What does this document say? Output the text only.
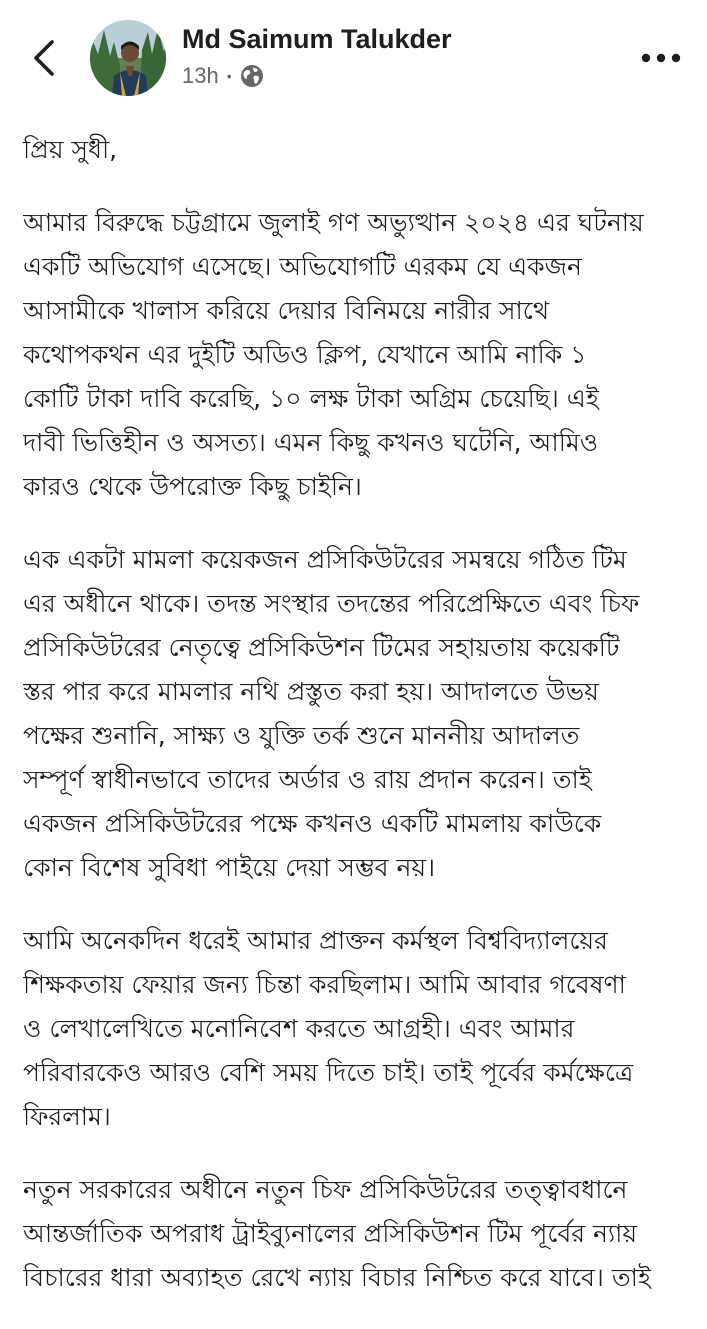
Md Saimum Talukder
13h •
প্রিয় সুধী,
আমার বিরুদ্ধে চট্টগ্রামে জুলাই গণ অভ্যুত্থান ২০২৪ এর ঘটনায়
একটি অভিযোগ এসেছে। অভিযোগটি এরকম যে একজন
আসামীকে খালাস করিয়ে দেয়ার বিনিময়ে নারীর সাথে
কথোপকথন এর দুইটি অডিও ক্লিপ, যেখানে আমি নাকি ১
কোটি টাকা দাবি করেছি, ১০ লক্ষ টাকা অগ্রিম চেয়েছি। এই
দাবী ভিত্তিহীন ও অসত্য। এমন কিছু কখনও ঘটেনি, আমিও
কারও থেকে উপরোক্ত কিছু চাইনি।
এক একটা মামলা কয়েকজন প্রসিকিউটরের সমন্বয়ে গঠিত টিম
এর অধীনে থাকে। তদন্ত সংস্থার তদন্তের পরিপ্রেক্ষিতে এবং চিফ
প্রসিকিউটরের নেতৃত্বে প্রসিকিউশন টিমের সহায়তায় কয়েকটি
স্তর পার করে মামলার নথি প্রস্তুত করা হয়। আদালতে উভয়
পক্ষের শুনানি, সাক্ষ্য ও যুক্তি তর্ক শুনে মাননীয় আদালত
সম্পূর্ণ স্বাধীনভাবে তাদের অর্ডার ও রায় প্রদান করেন। তাই
একজন প্রসিকিউটরের পক্ষে কখনও একটি মামলায় কাউকে
কোন বিশেষ সুবিধা পাইয়ে দেয়া সম্ভব নয়।
আমি অনেকদিন ধরেই আমার প্রাক্তন কর্মস্থল বিশ্ববিদ্যালয়ের
শিক্ষকতায় ফেয়ার জন্য চিন্তা করছিলাম। আমি আবার গবেষণা
ও লেখালেখিতে মনোনিবেশ করতে আগ্রহী। এবং আমার
পরিবারকেও আরও বেশি সময় দিতে চাই। তাই পূর্বের কর্মক্ষেত্রে
ফিরলাম।
নতুন সরকারের অধীনে নতুন চিফ প্রসিকিউটরের তত্ত্বাবধানে
আন্তর্জাতিক অপরাধ ট্রাইব্যুনালের প্রসিকিউশন টিম পূর্বের ন্যায়
বিচারের ধারা অব্যাহত রেখে ন্যায় বিচার নিশ্চিত করে যাবে। তাই
